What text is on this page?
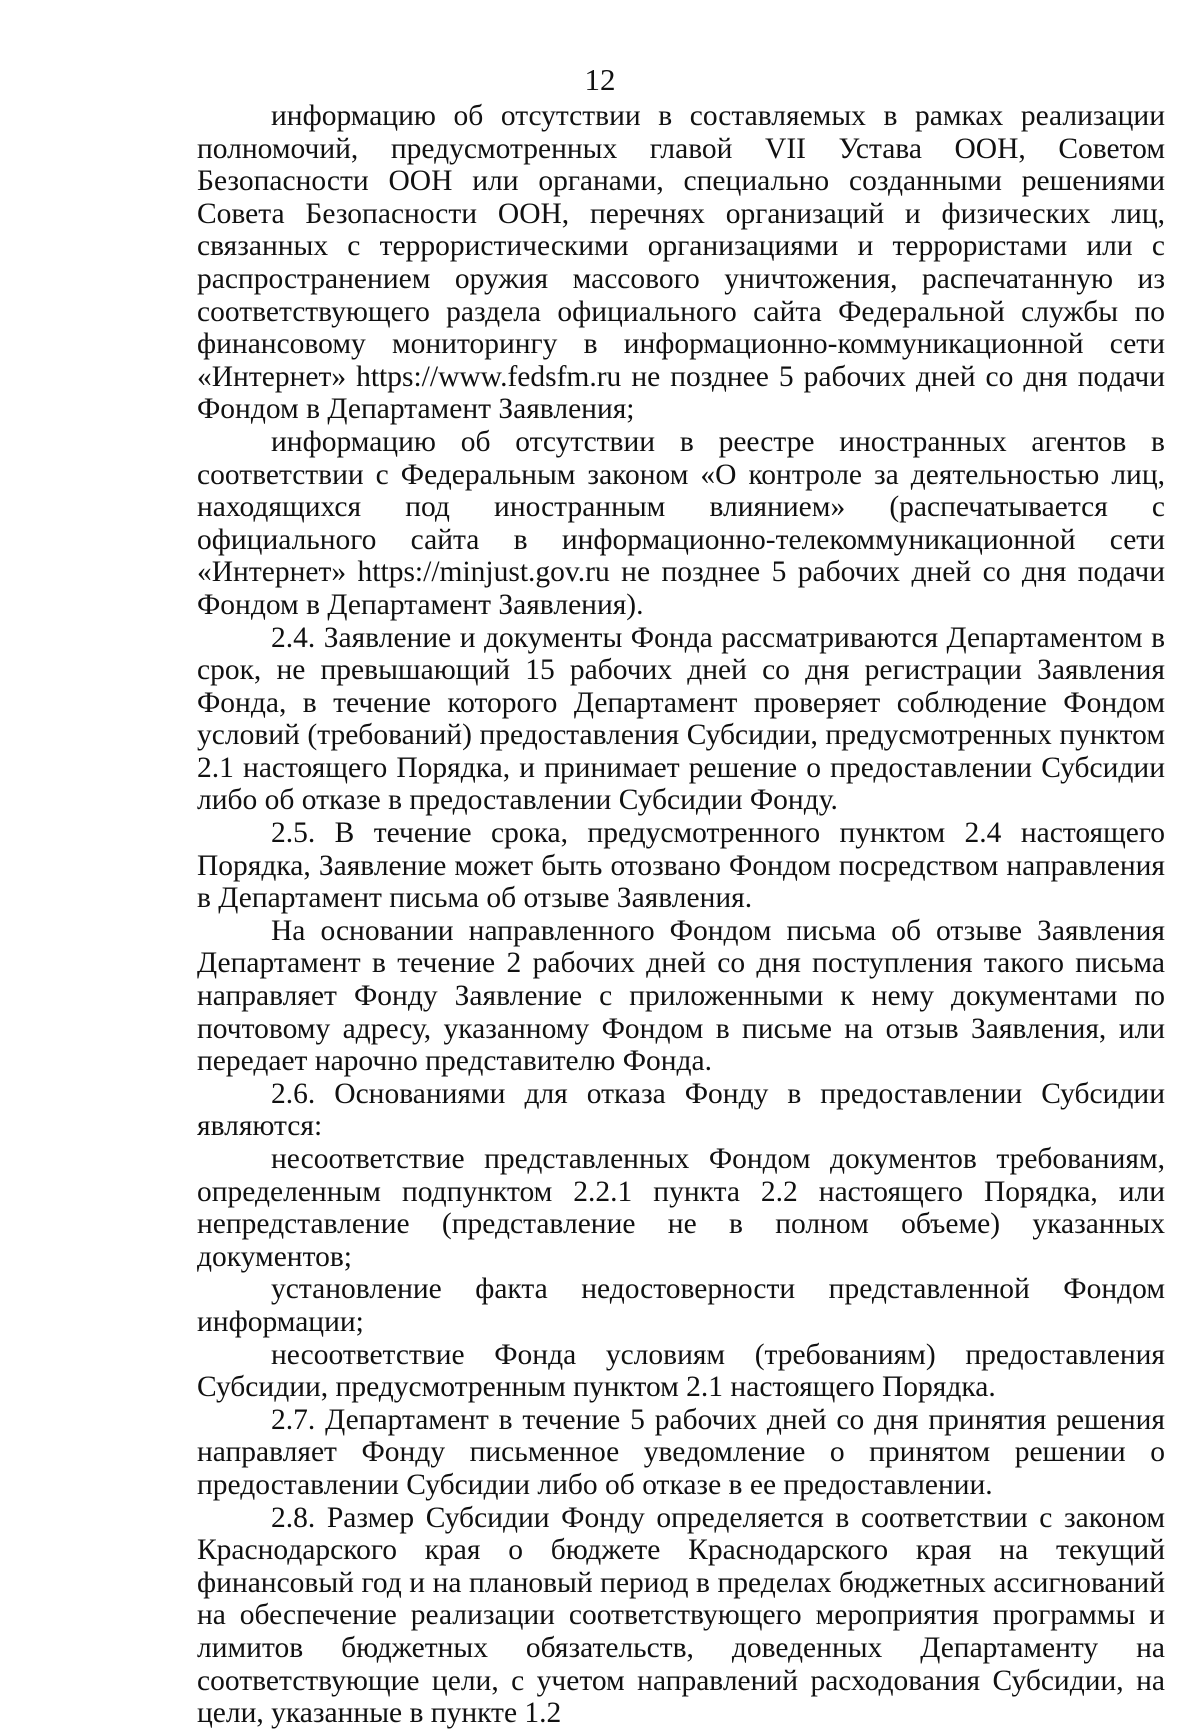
12

информацию об отсутствии в составляемых в рамках реализации полномочий, предусмотренных главой VII Устава ООН, Советом Безопасности ООН или органами, специально созданными решениями Совета Безопасности ООН, перечнях организаций и физических лиц, связанных с террористическими организациями и террористами или с распространением оружия массового уничтожения, распечатанную из соответствующего раздела официального сайта Федеральной службы по финансовому мониторингу в информационно-коммуникационной сети «Интернет» https://www.fedsfm.ru не позднее 5 рабочих дней со дня подачи Фондом в Департамент Заявления;

информацию об отсутствии в реестре иностранных агентов в соответствии с Федеральным законом «О контроле за деятельностью лиц, находящихся под иностранным влиянием» (распечатывается с официального сайта в информационно-телекоммуникационной сети «Интернет» https://minjust.gov.ru не позднее 5 рабочих дней со дня подачи Фондом в Департамент Заявления).

2.4. Заявление и документы Фонда рассматриваются Департаментом в срок, не превышающий 15 рабочих дней со дня регистрации Заявления Фонда, в течение которого Департамент проверяет соблюдение Фондом условий (требований) предоставления Субсидии, предусмотренных пунктом 2.1 настоящего Порядка, и принимает решение о предоставлении Субсидии либо об отказе в предоставлении Субсидии Фонду.

2.5. В течение срока, предусмотренного пунктом 2.4 настоящего Порядка, Заявление может быть отозвано Фондом посредством направления в Департамент письма об отзыве Заявления.

На основании направленного Фондом письма об отзыве Заявления Департамент в течение 2 рабочих дней со дня поступления такого письма направляет Фонду Заявление с приложенными к нему документами по почтовому адресу, указанному Фондом в письме на отзыв Заявления, или передает нарочно представителю Фонда.

2.6. Основаниями для отказа Фонду в предоставлении Субсидии являются:

несоответствие представленных Фондом документов требованиям, определенным подпунктом 2.2.1 пункта 2.2 настоящего Порядка, или непредставление (представление не в полном объеме) указанных документов;

установление факта недостоверности представленной Фондом информации;

несоответствие Фонда условиям (требованиям) предоставления Субсидии, предусмотренным пунктом 2.1 настоящего Порядка.

2.7. Департамент в течение 5 рабочих дней со дня принятия решения направляет Фонду письменное уведомление о принятом решении о предоставлении Субсидии либо об отказе в ее предоставлении.

2.8. Размер Субсидии Фонду определяется в соответствии с законом Краснодарского края о бюджете Краснодарского края на текущий финансовый год и на плановый период в пределах бюджетных ассигнований на обеспечение реализации соответствующего мероприятия программы и лимитов бюджетных обязательств, доведенных Департаменту на соответствующие цели, с учетом направлений расходования Субсидии, на цели, указанные в пункте 1.2
